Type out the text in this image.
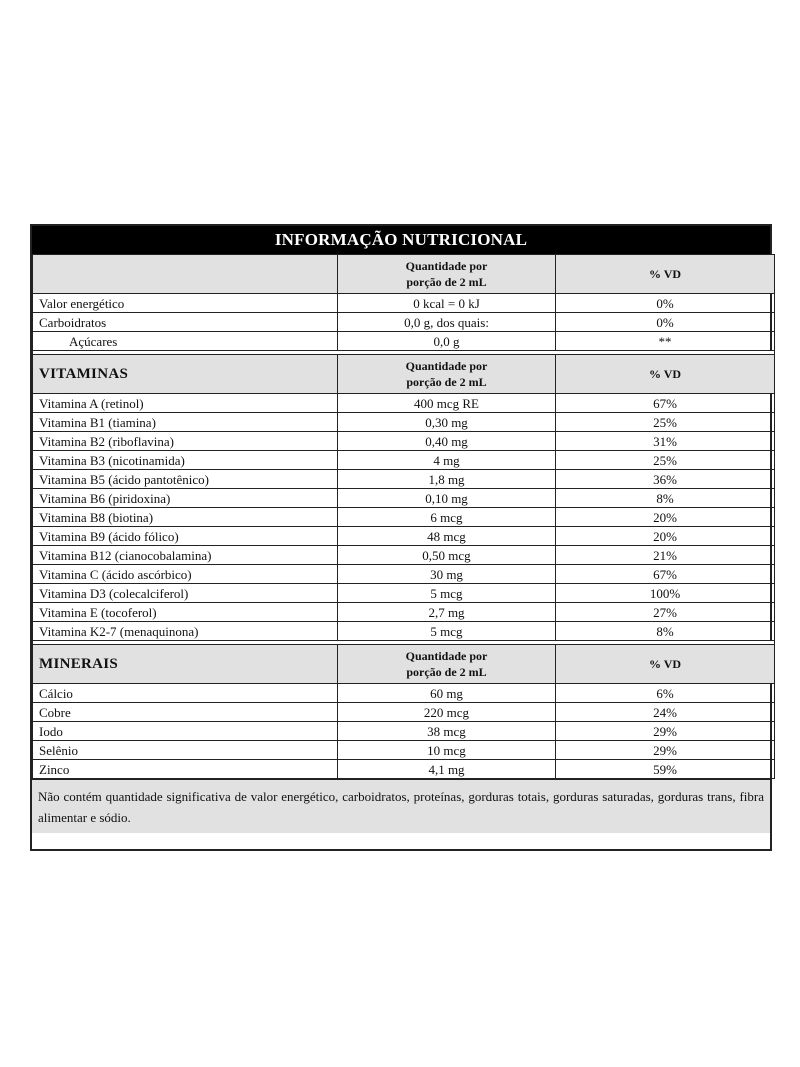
INFORMAÇÃO NUTRICIONAL
	Quantidade por
porção de 2 mL	% VD
Valor energético	0 kcal = 0 kJ	0%
Carboidratos	0,0 g, dos quais:	0%
Açúcares	0,0 g	**

VITAMINAS	Quantidade por
porção de 2 mL	% VD
Vitamina A (retinol)	400 mcg RE	67%
Vitamina B1 (tiamina)	0,30 mg	25%
Vitamina B2 (riboflavina)	0,40 mg	31%
Vitamina B3 (nicotinamida)	4 mg	25%
Vitamina B5 (ácido pantotênico)	1,8 mg	36%
Vitamina B6 (piridoxina)	0,10 mg	8%
Vitamina B8 (biotina)	6 mcg	20%
Vitamina B9 (ácido fólico)	48 mcg	20%
Vitamina B12 (cianocobalamina)	0,50 mcg	21%
Vitamina C (ácido ascórbico)	30 mg	67%
Vitamina D3 (colecalciferol)	5 mcg	100%
Vitamina E (tocoferol)	2,7 mg	27%
Vitamina K2-7 (menaquinona)	5 mcg	8%

MINERAIS	Quantidade por
porção de 2 mL	% VD
Cálcio	60 mg	6%
Cobre	220 mcg	24%
Iodo	38 mcg	29%
Selênio	10 mcg	29%
Zinco	4,1 mg	59%
Não contém quantidade significativa de valor energético, carboidratos, proteínas, gorduras totais, gorduras saturadas, gorduras trans, fibra alimentar e sódio.
